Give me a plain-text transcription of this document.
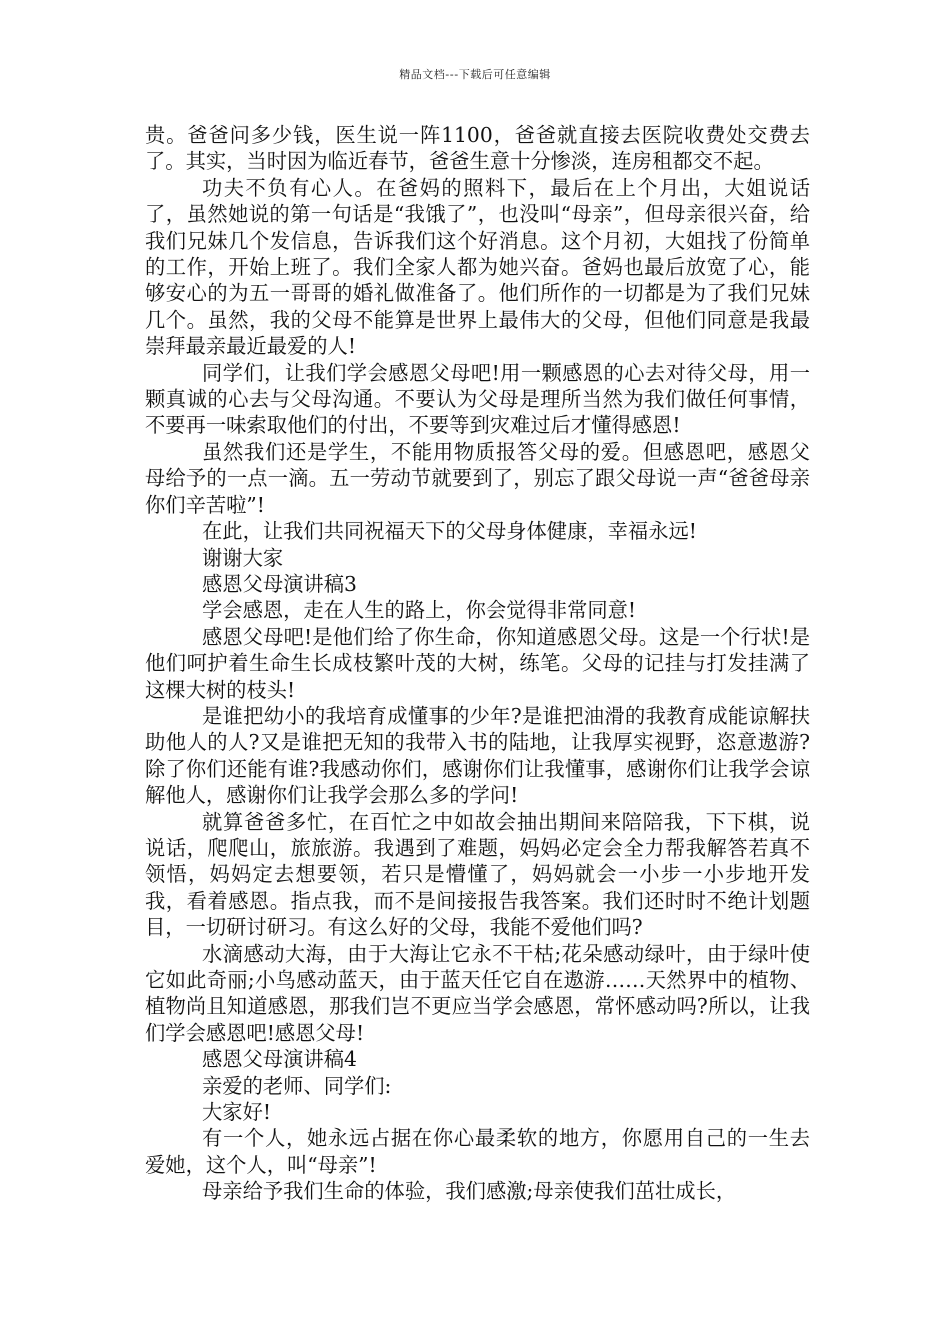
精品文档---下载后可任意编辑

贵。爸爸问多少钱，医生说一阵1100，爸爸就直接去医院收费处交费去了。其实，当时因为临近春节，爸爸生意十分惨淡，连房租都交不起。

功夫不负有心人。在爸妈的照料下，最后在上个月出，大姐说话了，虽然她说的第一句话是“我饿了”，也没叫“母亲”，但母亲很兴奋，给我们兄妹几个发信息，告诉我们这个好消息。这个月初，大姐找了份简单的工作，开始上班了。我们全家人都为她兴奋。爸妈也最后放宽了心，能够安心的为五一哥哥的婚礼做准备了。他们所作的一切都是为了我们兄妹几个。虽然，我的父母不能算是世界上最伟大的父母，但他们同意是我最崇拜最亲最近最爱的人!

同学们，让我们学会感恩父母吧!用一颗感恩的心去对待父母，用一颗真诚的心去与父母沟通。不要认为父母是理所当然为我们做任何事情，不要再一味索取他们的付出，不要等到灾难过后才懂得感恩!

虽然我们还是学生，不能用物质报答父母的爱。但感恩吧，感恩父母给予的一点一滴。五一劳动节就要到了，别忘了跟父母说一声“爸爸母亲你们辛苦啦”!

在此，让我们共同祝福天下的父母身体健康，幸福永远!

谢谢大家

感恩父母演讲稿3

学会感恩，走在人生的路上，你会觉得非常同意!

感恩父母吧!是他们给了你生命，你知道感恩父母。这是一个行状!是他们呵护着生命生长成枝繁叶茂的大树，练笔。父母的记挂与打发挂满了这棵大树的枝头!

是谁把幼小的我培育成懂事的少年?是谁把油滑的我教育成能谅解扶助他人的人?又是谁把无知的我带入书的陆地，让我厚实视野，恣意遨游?除了你们还能有谁?我感动你们，感谢你们让我懂事，感谢你们让我学会谅解他人，感谢你们让我学会那么多的学问!

就算爸爸多忙，在百忙之中如故会抽出期间来陪陪我，下下棋，说说话，爬爬山，旅旅游。我遇到了难题，妈妈必定会全力帮我解答若真不领悟，妈妈定去想要领，若只是懵懂了，妈妈就会一小步一小步地开发我，看着感恩。指点我，而不是间接报告我答案。我们还时时不绝计划题目，一切研讨研习。有这么好的父母，我能不爱他们吗?

水滴感动大海，由于大海让它永不干枯;花朵感动绿叶，由于绿叶使它如此奇丽;小鸟感动蓝天，由于蓝天任它自在遨游……天然界中的植物、植物尚且知道感恩，那我们岂不更应当学会感恩，常怀感动吗?所以，让我们学会感恩吧!感恩父母!

感恩父母演讲稿4

亲爱的老师、同学们:

大家好!

有一个人，她永远占据在你心最柔软的地方，你愿用自己的一生去爱她，这个人，叫“母亲”!

母亲给予我们生命的体验，我们感激;母亲使我们茁壮成长，
